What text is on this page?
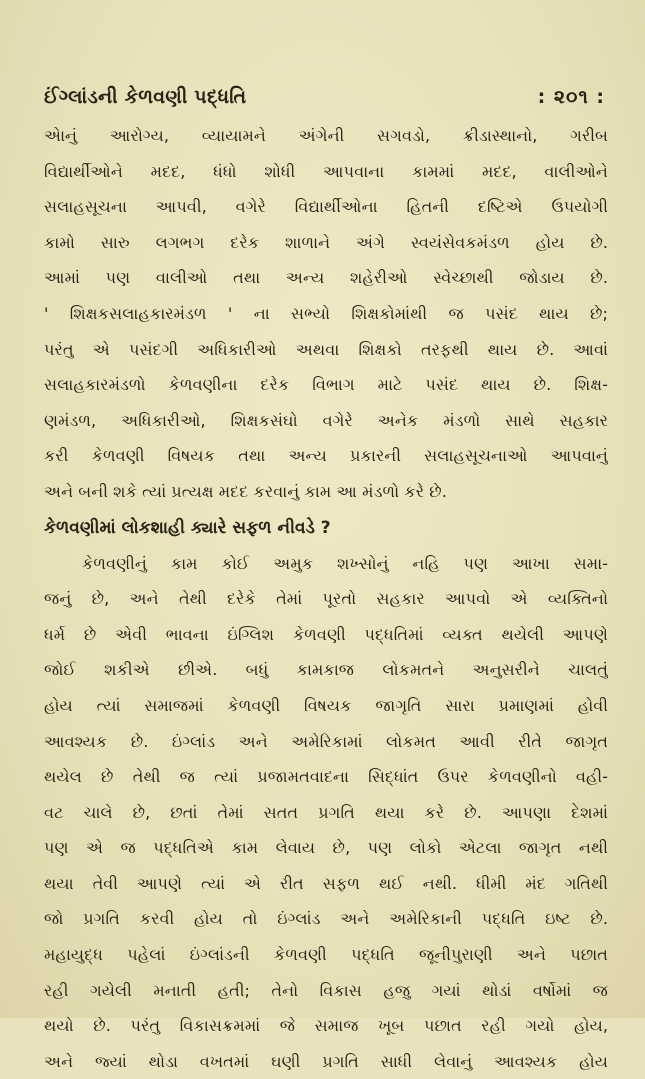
ઈંગ્લાંડની કેળવણી પદ્ધતિ	: ૨૦૧ :
એાનું આરોગ્ય, વ્યાયામને અંગેની સગવડો, ક્રીડાસ્થાનો, ગરીબ
વિદ્યાર્થીઓને મદદ, ધંધો શોધી આપવાના કામમાં મદદ, વાલીઓને
સલાહસૂચના આપવી, વગેરે વિદ્યાર્થીઓના હિતની દષ્ટિએ ઉપયોગી
કામો સારુ લગભગ દરેક શાળાને અંગે સ્વયંસેવકમંડળ હોય છે.
આમાં પણ વાલીઓ તથા અન્ય શહેરીઓ સ્વેચ્છાથી જોડાય છે.
' શિક્ષકસલાહકારમંડળ ' ના સભ્યો શિક્ષકોમાંથી જ પસંદ થાય છે;
પરંતુ એ પસંદગી અધિકારીઓ અથવા શિક્ષકો તરફથી થાય છે. આવાં
સલાહકારમંડળો કેળવણીના દરેક વિભાગ માટે પસંદ થાય છે. શિક્ષ-
ણમંડળ, અધિકારીઓ, શિક્ષકસંઘો વગેરે અનેક મંડળો સાથે સહકાર
કરી કેળવણી વિષયક તથા અન્ય પ્રકારની સલાહસૂચનાઓ આપવાનું
અને બની શકે ત્યાં પ્રત્યક્ષ મદદ કરવાનું કામ આ મંડળો કરે છે.
કેળવણીમાં લોકશાહી ક્યારે સફળ નીવડે ?
કેળવણીનું કામ કોઈ અમુક શખ્સોનું નહિ પણ આખા સમા-
જનું છે, અને તેથી દરેકે તેમાં પૂરતો સહકાર આપવો એ વ્યક્તિનો
ધર્મ છે એવી ભાવના ઇંગ્લિશ કેળવણી પદ્ધતિમાં વ્યક્ત થયેલી આપણે
જોઈ શકીએ છીએ. બધું કામકાજ લોકમતને અનુસરીને ચાલતું
હોય ત્યાં સમાજમાં કેળવણી વિષયક જાગૃતિ સારા પ્રમાણમાં હોવી
આવશ્યક છે. ઇંગ્લાંડ અને અમેરિકામાં લોકમત આવી રીતે જાગૃત
થયેલ છે તેથી જ ત્યાં પ્રજામતવાદના સિદ્ધાંત ઉપર કેળવણીનો વહી-
વટ ચાલે છે, છતાં તેમાં સતત પ્રગતિ થયા કરે છે. આપણા દેશમાં
પણ એ જ પદ્ધતિએ કામ લેવાય છે, પણ લોકો એટલા જાગૃત નથી
થયા તેવી આપણે ત્યાં એ રીત સફળ થઈ નથી. ધીમી મંદ ગતિથી
જો પ્રગતિ કરવી હોય તો ઇંગ્લાંડ અને અમેરિકાની પદ્ધતિ ઇષ્ટ છે.
મહાયુદ્ધ પહેલાં ઇંગ્લાંડની કેળવણી પદ્ધતિ જૂનીપુરાણી અને પછાત
રહી ગયેલી મનાતી હતી; તેનો વિકાસ હજુ ગયાં થોડાં વર્ષોમાં જ
થયો છે. પરંતુ વિકાસક્રમમાં જે સમાજ ખૂબ પછાત રહી ગયો હોય,
અને જ્યાં થોડા વખતમાં ઘણી પ્રગતિ સાધી લેવાનું આવશ્યક હોય
